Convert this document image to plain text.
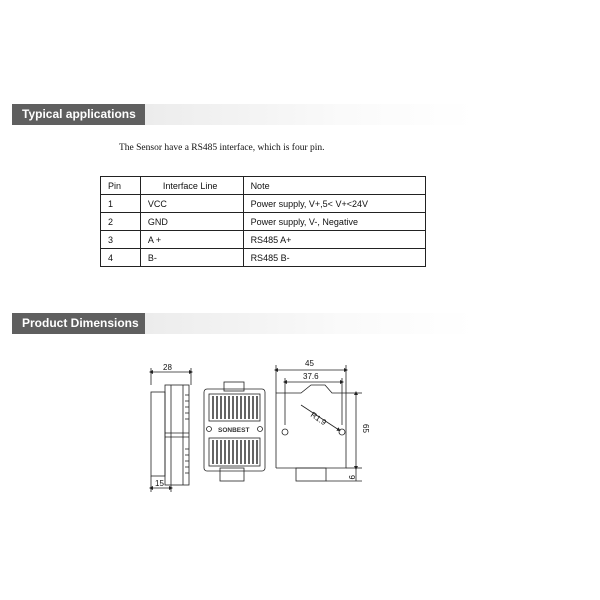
Typical applications
The Sensor have a RS485 interface, which is four pin.
Pin	Interface Line	Note
1	VCC	Power supply, V+,5< V+<24V
2	GND	Power supply, V-, Negative
3	A +	RS485 A+
4	B-	RS485 B-
Product Dimensions
28
15
SONBEST
45
37.6
R1.9
65
9
